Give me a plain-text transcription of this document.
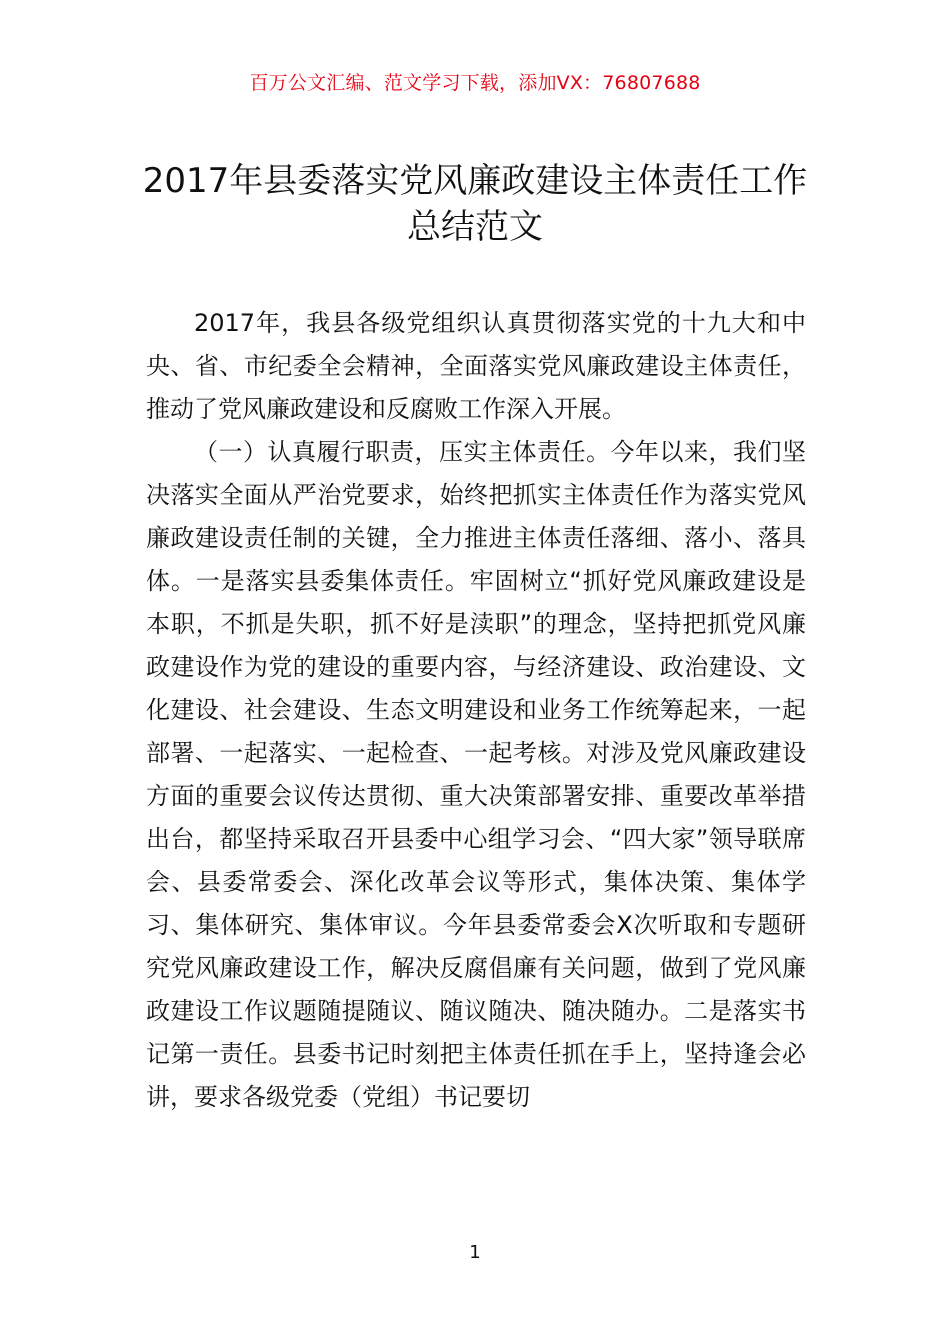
百万公文汇编、范文学习下载，添加VX：76807688
2017年县委落实党风廉政建设主体责任工作总结范文

2017年，我县各级党组织认真贯彻落实党的十九大和中央、省、市纪委全会精神，全面落实党风廉政建设主体责任，推动了党风廉政建设和反腐败工作深入开展。

（一）认真履行职责，压实主体责任。今年以来，我们坚决落实全面从严治党要求，始终把抓实主体责任作为落实党风廉政建设责任制的关键，全力推进主体责任落细、落小、落具体。一是落实县委集体责任。牢固树立“抓好党风廉政建设是本职，不抓是失职，抓不好是渎职”的理念，坚持把抓党风廉政建设作为党的建设的重要内容，与经济建设、政治建设、文化建设、社会建设、生态文明建设和业务工作统筹起来，一起部署、一起落实、一起检查、一起考核。对涉及党风廉政建设方面的重要会议传达贯彻、重大决策部署安排、重要改革举措出台，都坚持采取召开县委中心组学习会、“四大家”领导联席会、县委常委会、深化改革会议等形式，集体决策、集体学习、集体研究、集体审议。今年县委常委会X次听取和专题研究党风廉政建设工作，解决反腐倡廉有关问题，做到了党风廉政建设工作议题随提随议、随议随决、随决随办。二是落实书记第一责任。县委书记时刻把主体责任抓在手上，坚持逢会必讲，要求各级党委（党组）书记要切

1
